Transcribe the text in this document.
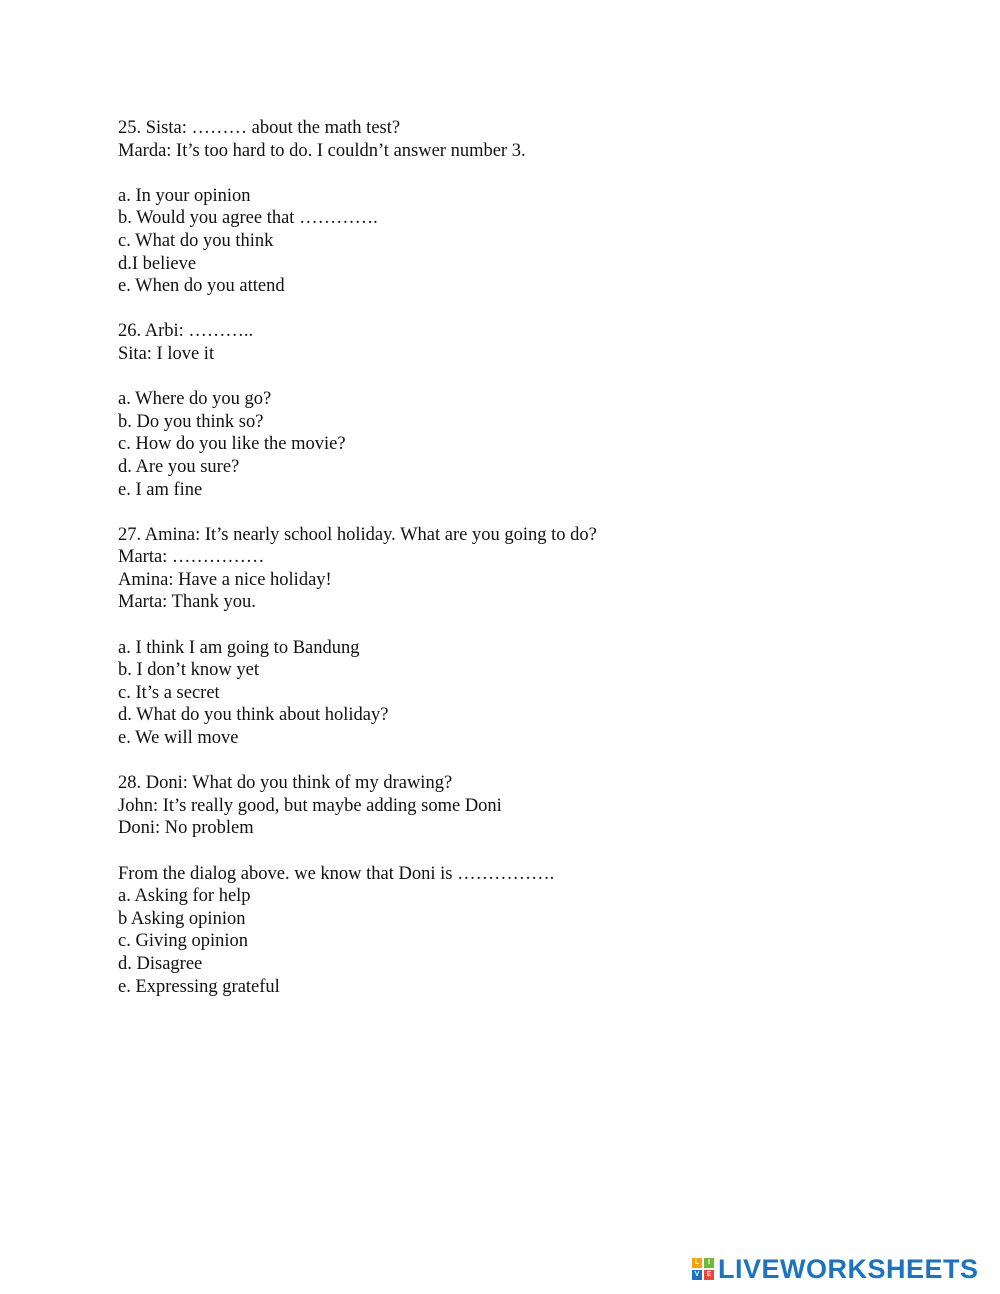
25. Sista: ……… about the math test?
Marda: It’s too hard to do. I couldn’t answer number 3.
a. In your opinion
b. Would you agree that ………….
c. What do you think
d.I believe
e. When do you attend
26. Arbi: ………..
Sita: I love it
a. Where do you go?
b. Do you think so?
c. How do you like the movie?
d. Are you sure?
e. I am fine
27. Amina: It’s nearly school holiday. What are you going to do?
Marta: ……………
Amina: Have a nice holiday!
Marta: Thank you.
a. I think I am going to Bandung
b. I don’t know yet
c. It’s a secret
d. What do you think about holiday?
e. We will move
28. Doni: What do you think of my drawing?
John: It’s really good, but maybe adding some Doni
Doni: No problem
From the dialog above. we know that Doni is …………….
a. Asking for help
b Asking opinion
c. Giving opinion
d. Disagree
e. Expressing grateful
L	I
V	E LIVEWORKSHEETS
